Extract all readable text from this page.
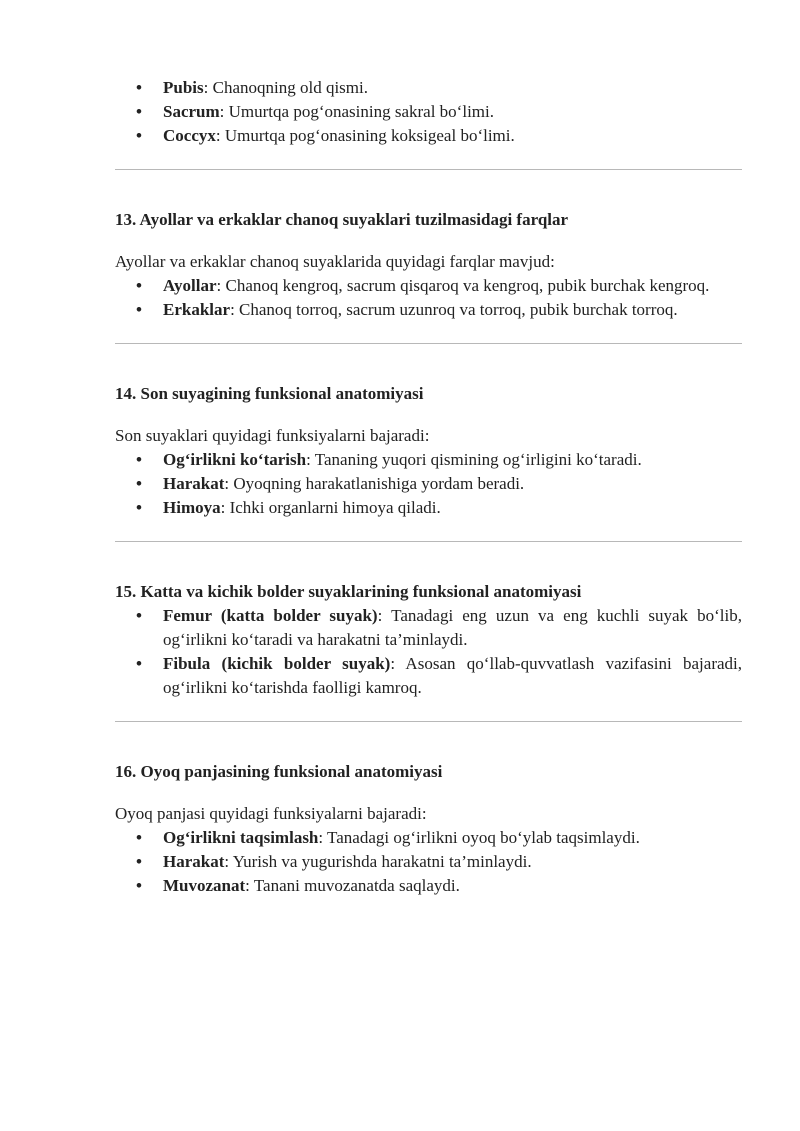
• Pubis: Chanoqning old qismi.
• Sacrum: Umurtqa pog‘onasining sakral bo‘limi.
• Coccyx: Umurtqa pog‘onasining koksigeal bo‘limi.
13. Ayollar va erkaklar chanoq suyaklari tuzilmasidagi farqlar

Ayollar va erkaklar chanoq suyaklarida quyidagi farqlar mavjud:

• Ayollar: Chanoq kengroq, sacrum qisqaroq va kengroq, pubik burchak kengroq.
• Erkaklar: Chanoq torroq, sacrum uzunroq va torroq, pubik burchak torroq.
14. Son suyagining funksional anatomiyasi

Son suyaklari quyidagi funksiyalarni bajaradi:

• Og‘irlikni ko‘tarish: Tananing yuqori qismining og‘irligini ko‘taradi.
• Harakat: Oyoqning harakatlanishiga yordam beradi.
• Himoya: Ichki organlarni himoya qiladi.
15. Katta va kichik bolder suyaklarining funksional anatomiyasi
• Femur (katta bolder suyak): Tanadagi eng uzun va eng kuchli suyak bo‘lib, og‘irlikni ko‘taradi va harakatni ta’minlaydi.
• Fibula (kichik bolder suyak): Asosan qo‘llab-quvvatlash vazifasini bajaradi, og‘irlikni ko‘tarishda faolligi kamroq.
16. Oyoq panjasining funksional anatomiyasi

Oyoq panjasi quyidagi funksiyalarni bajaradi:

• Og‘irlikni taqsimlash: Tanadagi og‘irlikni oyoq bo‘ylab taqsimlaydi.
• Harakat: Yurish va yugurishda harakatni ta’minlaydi.
• Muvozanat: Tanani muvozanatda saqlaydi.
